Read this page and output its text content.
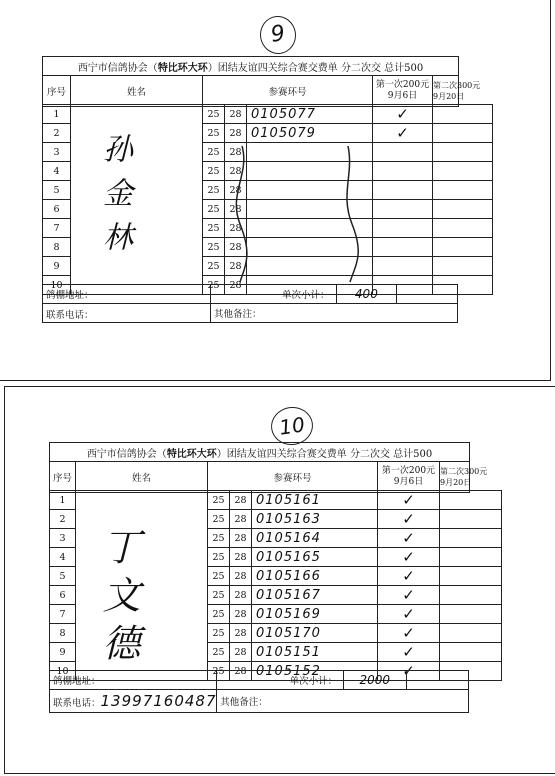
9
西宁市信鸽协会（特比环大环）团结友谊四关综合赛交费单 分二次交 总计500
序号	姓名	参赛环号	第一次200元
9月6日	第二次300元
9月20日
1		25	28	0105077	✓	
2		25	28	0105079	✓	
3		25	28			
4		25	28			
5		25	28			
6		25	28			
7		25	28			
8		25	28			
9		25	28			
10		25	28			
孙金林
鸽棚地址：	单次小计：	400	
联系电话：	其他备注：		
10
西宁市信鸽协会（特比环大环）团结友谊四关综合赛交费单 分二次交 总计500
序号	姓名	参赛环号	第一次200元
9月6日	第二次300元
9月20日
1		25	28	0105161	✓	
2		25	28	0105163	✓	
3		25	28	0105164	✓	
4		25	28	0105165	✓	
5		25	28	0105166	✓	
6		25	28	0105167	✓	
7		25	28	0105169	✓	
8		25	28	0105170	✓	
9		25	28	0105151	✓	
10		25	28	0105152	✓	
丁文德
鸽棚地址：	单次小计：	2000	
联系电话：13997160487	其他备注：		
